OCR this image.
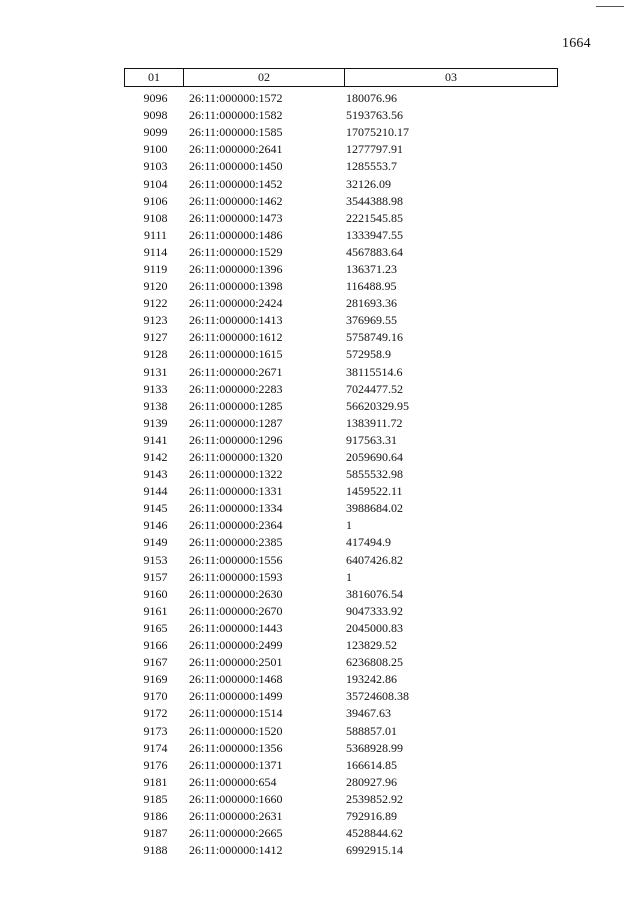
1664
01	02	03
9096	26:11:000000:1572	180076.96
9098	26:11:000000:1582	5193763.56
9099	26:11:000000:1585	17075210.17
9100	26:11:000000:2641	1277797.91
9103	26:11:000000:1450	1285553.7
9104	26:11:000000:1452	32126.09
9106	26:11:000000:1462	3544388.98
9108	26:11:000000:1473	2221545.85
9111	26:11:000000:1486	1333947.55
9114	26:11:000000:1529	4567883.64
9119	26:11:000000:1396	136371.23
9120	26:11:000000:1398	116488.95
9122	26:11:000000:2424	281693.36
9123	26:11:000000:1413	376969.55
9127	26:11:000000:1612	5758749.16
9128	26:11:000000:1615	572958.9
9131	26:11:000000:2671	38115514.6
9133	26:11:000000:2283	7024477.52
9138	26:11:000000:1285	56620329.95
9139	26:11:000000:1287	1383911.72
9141	26:11:000000:1296	917563.31
9142	26:11:000000:1320	2059690.64
9143	26:11:000000:1322	5855532.98
9144	26:11:000000:1331	1459522.11
9145	26:11:000000:1334	3988684.02
9146	26:11:000000:2364	1
9149	26:11:000000:2385	417494.9
9153	26:11:000000:1556	6407426.82
9157	26:11:000000:1593	1
9160	26:11:000000:2630	3816076.54
9161	26:11:000000:2670	9047333.92
9165	26:11:000000:1443	2045000.83
9166	26:11:000000:2499	123829.52
9167	26:11:000000:2501	6236808.25
9169	26:11:000000:1468	193242.86
9170	26:11:000000:1499	35724608.38
9172	26:11:000000:1514	39467.63
9173	26:11:000000:1520	588857.01
9174	26:11:000000:1356	5368928.99
9176	26:11:000000:1371	166614.85
9181	26:11:000000:654	280927.96
9185	26:11:000000:1660	2539852.92
9186	26:11:000000:2631	792916.89
9187	26:11:000000:2665	4528844.62
9188	26:11:000000:1412	6992915.14
